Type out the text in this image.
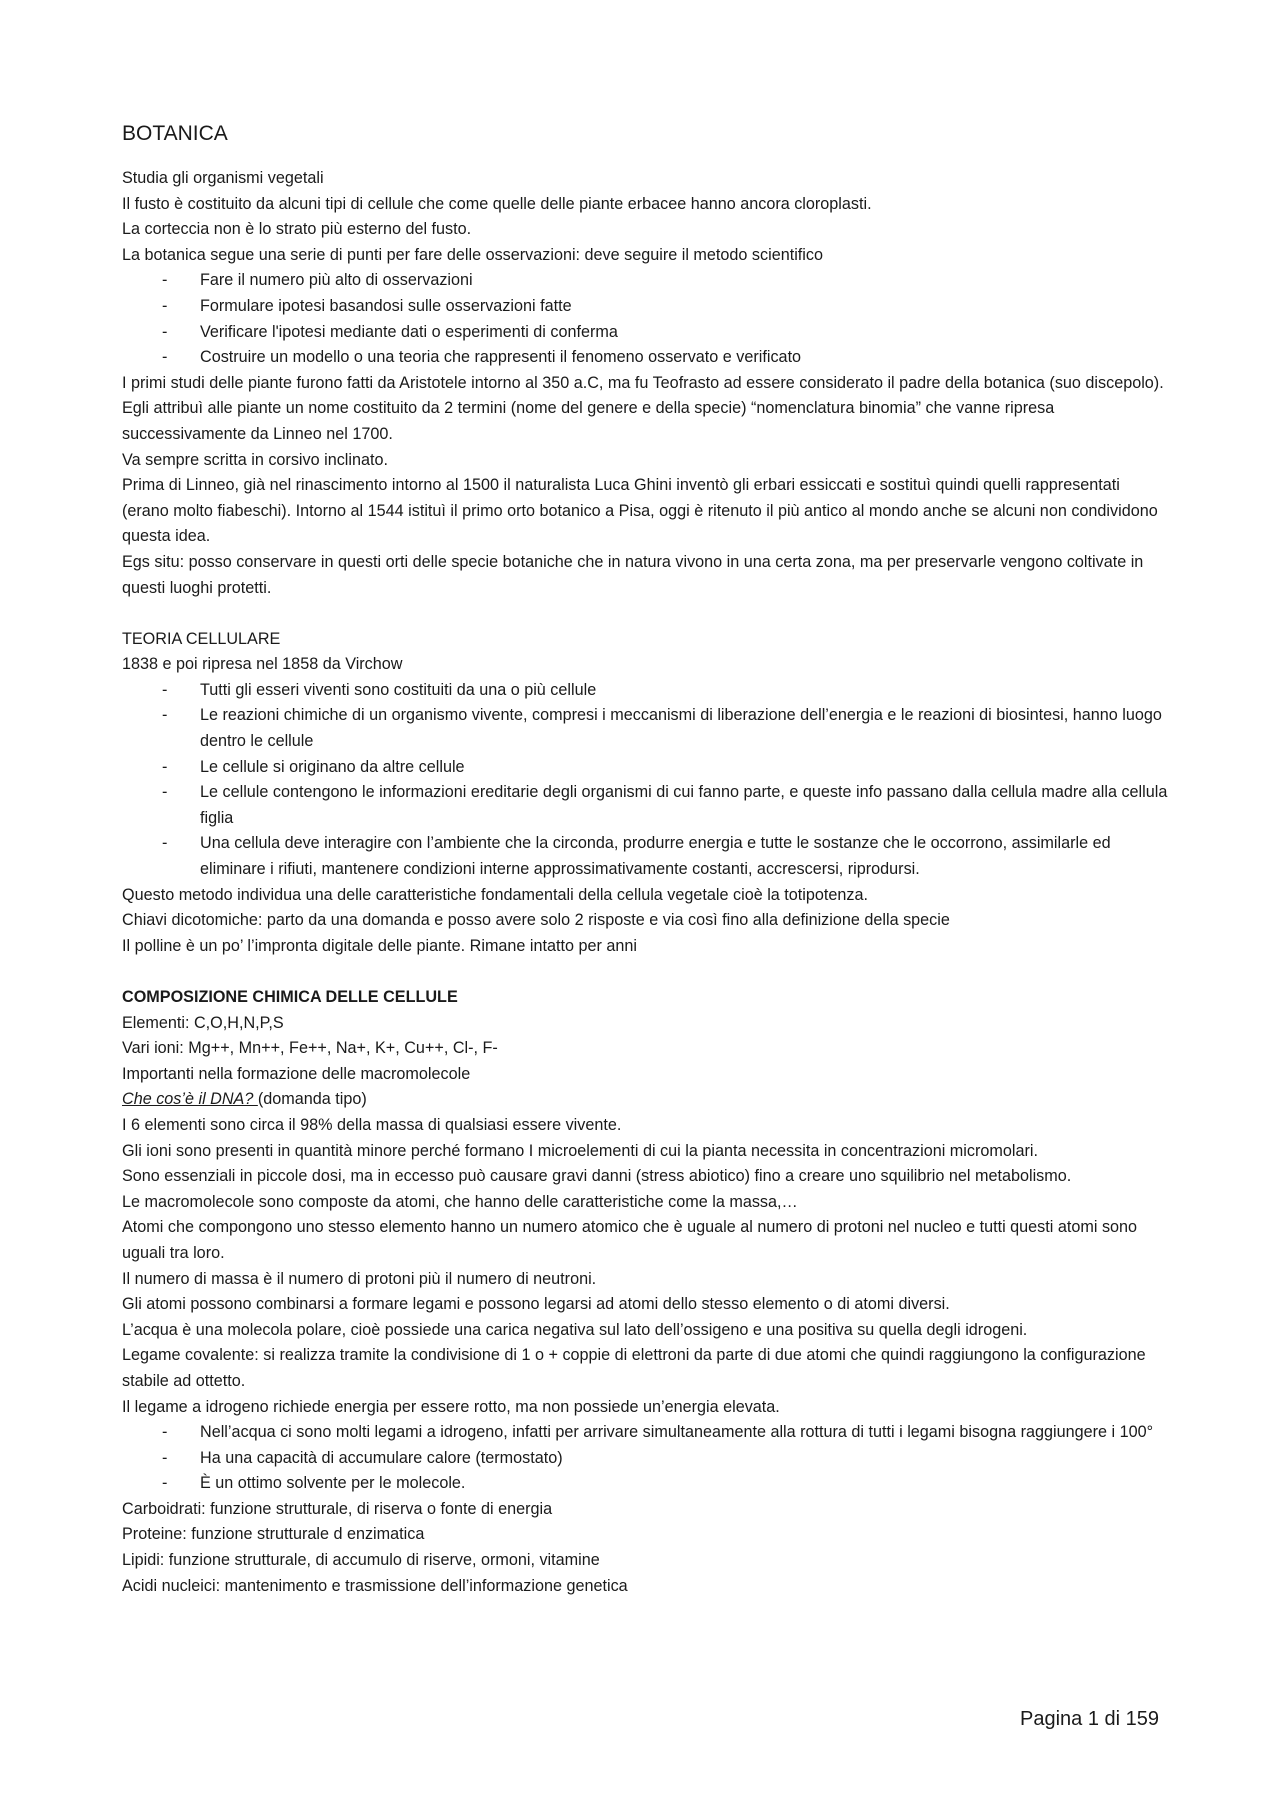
BOTANICA

Studia gli organismi vegetali

Il fusto è costituito da alcuni tipi di cellule che come quelle delle piante erbacee hanno ancora cloroplasti.

La corteccia non è lo strato più esterno del fusto.

La botanica segue una serie di punti per fare delle osservazioni: deve seguire il metodo scientifico

- Fare il numero più alto di osservazioni
- Formulare ipotesi basandosi sulle osservazioni fatte
- Verificare l'ipotesi mediante dati o esperimenti di conferma
- Costruire un modello o una teoria che rappresenti il fenomeno osservato e verificato

I primi studi delle piante furono fatti da Aristotele intorno al 350 a.C, ma fu Teofrasto ad essere considerato il padre della botanica (suo discepolo). Egli attribuì alle piante un nome costituito da 2 termini (nome del genere e della specie) “nomenclatura binomia” che vanne ripresa successivamente da Linneo nel 1700.

Va sempre scritta in corsivo inclinato.

Prima di Linneo, già nel rinascimento intorno al 1500 il naturalista Luca Ghini inventò gli erbari essiccati e sostituì quindi quelli rappresentati (erano molto fiabeschi). Intorno al 1544 istituì il primo orto botanico a Pisa, oggi è ritenuto il più antico al mondo anche se alcuni non condividono questa idea.

Egs situ: posso conservare in questi orti delle specie botaniche che in natura vivono in una certa zona, ma per preservarle vengono coltivate in questi luoghi protetti.

TEORIA CELLULARE

1838 e poi ripresa nel 1858 da Virchow

- Tutti gli esseri viventi sono costituiti da una o più cellule
- Le reazioni chimiche di un organismo vivente, compresi i meccanismi di liberazione dell’energia e le reazioni di biosintesi, hanno luogo dentro le cellule
- Le cellule si originano da altre cellule
- Le cellule contengono le informazioni ereditarie degli organismi di cui fanno parte, e queste info passano dalla cellula madre alla cellula figlia
- Una cellula deve interagire con l’ambiente che la circonda, produrre energia e tutte le sostanze che le occorrono, assimilarle ed eliminare i rifiuti, mantenere condizioni interne approssimativamente costanti, accrescersi, riprodursi.

Questo metodo individua una delle caratteristiche fondamentali della cellula vegetale cioè la totipotenza.

Chiavi dicotomiche: parto da una domanda e posso avere solo 2 risposte e via così fino alla definizione della specie

Il polline è un po’ l’impronta digitale delle piante. Rimane intatto per anni

COMPOSIZIONE CHIMICA DELLE CELLULE

Elementi: C,O,H,N,P,S

Vari ioni: Mg++, Mn++, Fe++, Na+, K+, Cu++, Cl-, F-

Importanti nella formazione delle macromolecole

Che cos’è il DNA? (domanda tipo)

I 6 elementi sono circa il 98% della massa di qualsiasi essere vivente.

Gli ioni sono presenti in quantità minore perché formano I microelementi di cui la pianta necessita in concentrazioni micromolari.

Sono essenziali in piccole dosi, ma in eccesso può causare gravi danni (stress abiotico) fino a creare uno squilibrio nel metabolismo.

Le macromolecole sono composte da atomi, che hanno delle caratteristiche come la massa,…

Atomi che compongono uno stesso elemento hanno un numero atomico che è uguale al numero di protoni nel nucleo e tutti questi atomi sono uguali tra loro.

Il numero di massa è il numero di protoni più il numero di neutroni.

Gli atomi possono combinarsi a formare legami e possono legarsi ad atomi dello stesso elemento o di atomi diversi.

L’acqua è una molecola polare, cioè possiede una carica negativa sul lato dell’ossigeno e una positiva su quella degli idrogeni.

Legame covalente: si realizza tramite la condivisione di 1 o + coppie di elettroni da parte di due atomi che quindi raggiungono la configurazione stabile ad ottetto.

Il legame a idrogeno richiede energia per essere rotto, ma non possiede un’energia elevata.

- Nell’acqua ci sono molti legami a idrogeno, infatti per arrivare simultaneamente alla rottura di tutti i legami bisogna raggiungere i 100°
- Ha una capacità di accumulare calore (termostato)
- È un ottimo solvente per le molecole.

Carboidrati: funzione strutturale, di riserva o fonte di energia

Proteine: funzione strutturale d enzimatica

Lipidi: funzione strutturale, di accumulo di riserve, ormoni, vitamine

Acidi nucleici: mantenimento e trasmissione dell’informazione genetica

Pagina 1 di 159
